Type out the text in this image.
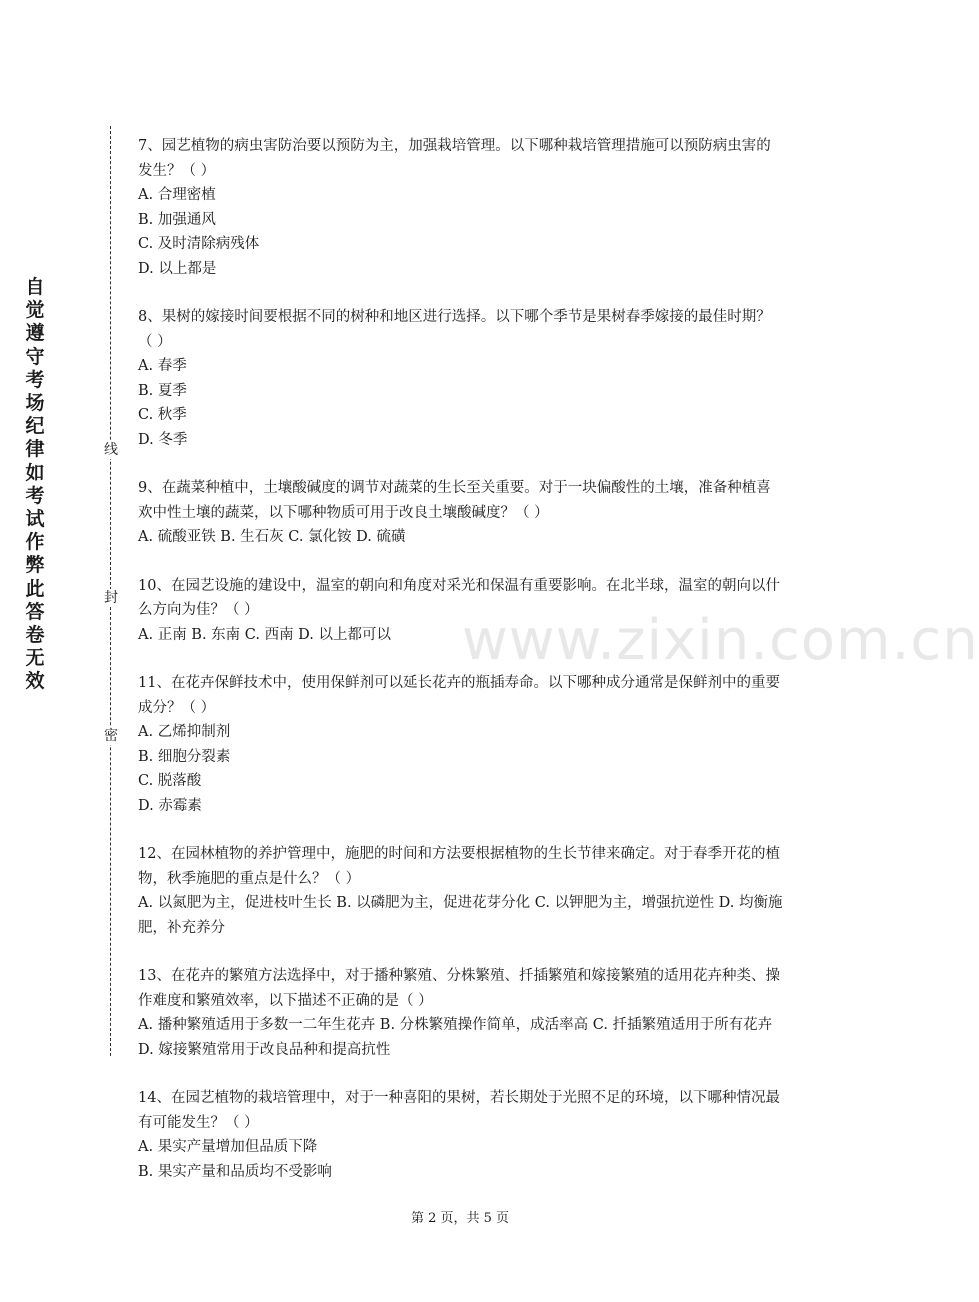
自觉遵守考场纪律如考试作弊此答卷无效
线
封
密

7、园艺植物的病虫害防治要以预防为主，加强栽培管理。以下哪种栽培管理措施可以预防病虫害的发生？（ ）

A. 合理密植
B. 加强通风
C. 及时清除病残体
D. 以上都是

8、果树的嫁接时间要根据不同的树种和地区进行选择。以下哪个季节是果树春季嫁接的最佳时期？（ ）

A. 春季
B. 夏季
C. 秋季
D. 冬季

9、在蔬菜种植中，土壤酸碱度的调节对蔬菜的生长至关重要。对于一块偏酸性的土壤，准备种植喜欢中性土壤的蔬菜，以下哪种物质可用于改良土壤酸碱度？（ ）

A. 硫酸亚铁 B. 生石灰 C. 氯化铵 D. 硫磺

10、在园艺设施的建设中，温室的朝向和角度对采光和保温有重要影响。在北半球，温室的朝向以什么方向为佳？（ ）

A. 正南 B. 东南 C. 西南 D. 以上都可以

11、在花卉保鲜技术中，使用保鲜剂可以延长花卉的瓶插寿命。以下哪种成分通常是保鲜剂中的重要成分？（ ）

A. 乙烯抑制剂
B. 细胞分裂素
C. 脱落酸
D. 赤霉素

12、在园林植物的养护管理中，施肥的时间和方法要根据植物的生长节律来确定。对于春季开花的植物，秋季施肥的重点是什么？（ ）

A. 以氮肥为主，促进枝叶生长 B. 以磷肥为主，促进花芽分化 C. 以钾肥为主，增强抗逆性 D. 均衡施肥，补充养分

13、在花卉的繁殖方法选择中，对于播种繁殖、分株繁殖、扦插繁殖和嫁接繁殖的适用花卉种类、操作难度和繁殖效率，以下描述不正确的是（ ）

A. 播种繁殖适用于多数一二年生花卉 B. 分株繁殖操作简单，成活率高 C. 扦插繁殖适用于所有花卉 D. 嫁接繁殖常用于改良品种和提高抗性

14、在园艺植物的栽培管理中，对于一种喜阳的果树，若长期处于光照不足的环境，以下哪种情况最有可能发生？（ ）

A. 果实产量增加但品质下降
B. 果实产量和品质均不受影响
www.zixin.com.cn
第 2 页，共 5 页
